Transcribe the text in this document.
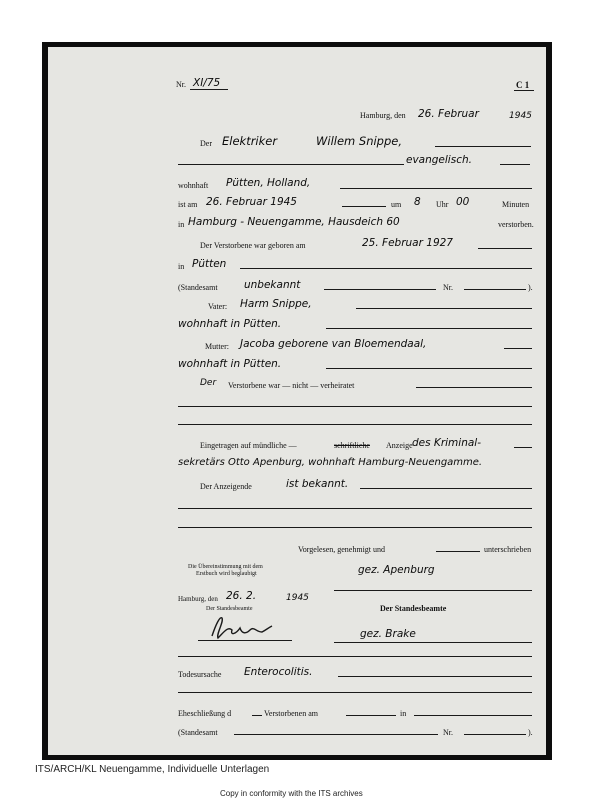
Nr. XI/75	C 1
Hamburg, den 26. Februar	1945
Der Elektriker	Willem Snippe,
evangelisch.
wohnhaft Pütten, Holland,
ist am 26. Februar 1945	um 8 Uhr 00	Minuten
in Hamburg - Neuengamme, Hausdeich 60	verstorben.
Der Verstorbene war geboren am	25. Februar 1927
in Pütten
(Standesamt	unbekannt	Nr.	).
Vater: Harm Snippe,
wohnhaft in Pütten.
Mutter: Jacoba geborene van Bloemendaal,
wohnhaft in Pütten.
Der Verstorbene war — nicht — verheiratet
Eingetragen auf mündliche —	schriftliche Anzeige des Kriminal-
sekretärs Otto Apenburg, wohnhaft Hamburg-Neuengamme.
Der Anzeigende	ist bekannt.
Vorgelesen, genehmigt und	unterschrieben
gez. Apenburg
Die Übereinstimmung mit dem
Erstbuch wird beglaubigt
Hamburg, den 26. 2.	1945
Der Standesbeamte	Der Standesbeamte
gez. Brake
Todesursache Enterocolitis.
Eheschließung d	Verstorbenen am	in
(Standesamt	Nr.	).
ITS/ARCH/KL Neuengamme, Individuelle Unterlagen
Copy in conformity with the ITS archives
